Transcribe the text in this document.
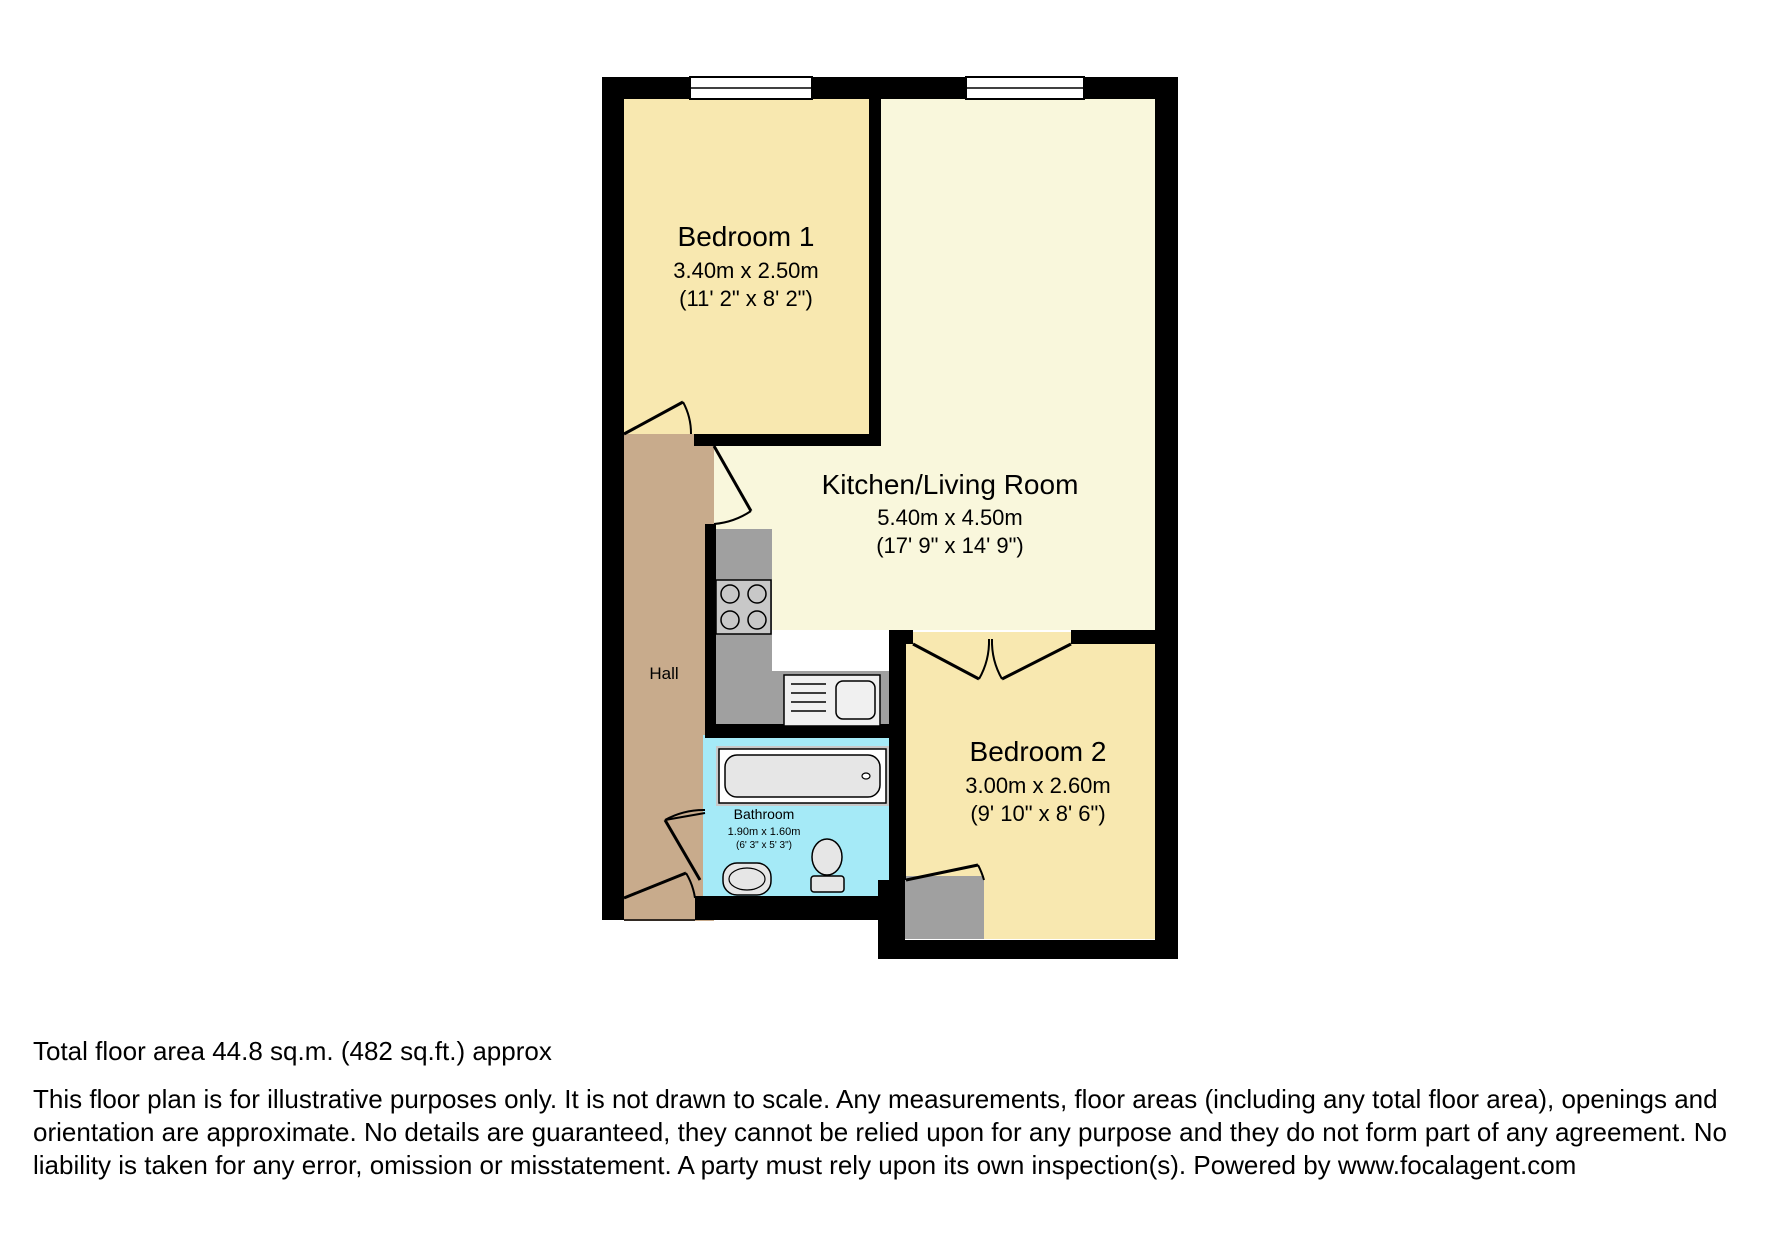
Bedroom 1
3.40m x 2.50m
(11' 2" x 8' 2")
Kitchen/Living Room
5.40m x 4.50m
(17' 9" x 14' 9")
Hall
Bathroom
1.90m x 1.60m
(6' 3" x 5' 3")
Bedroom 2
3.00m x 2.60m
(9' 10" x 8' 6")
Total floor area 44.8 sq.m. (482 sq.ft.) approx

This floor plan is for illustrative purposes only. It is not drawn to scale. Any measurements, floor areas (including any total floor area), openings and orientation are approximate. No details are guaranteed, they cannot be relied upon for any purpose and they do not form part of any agreement. No liability is taken for any error, omission or misstatement. A party must rely upon its own inspection(s). Powered by www.focalagent.com
